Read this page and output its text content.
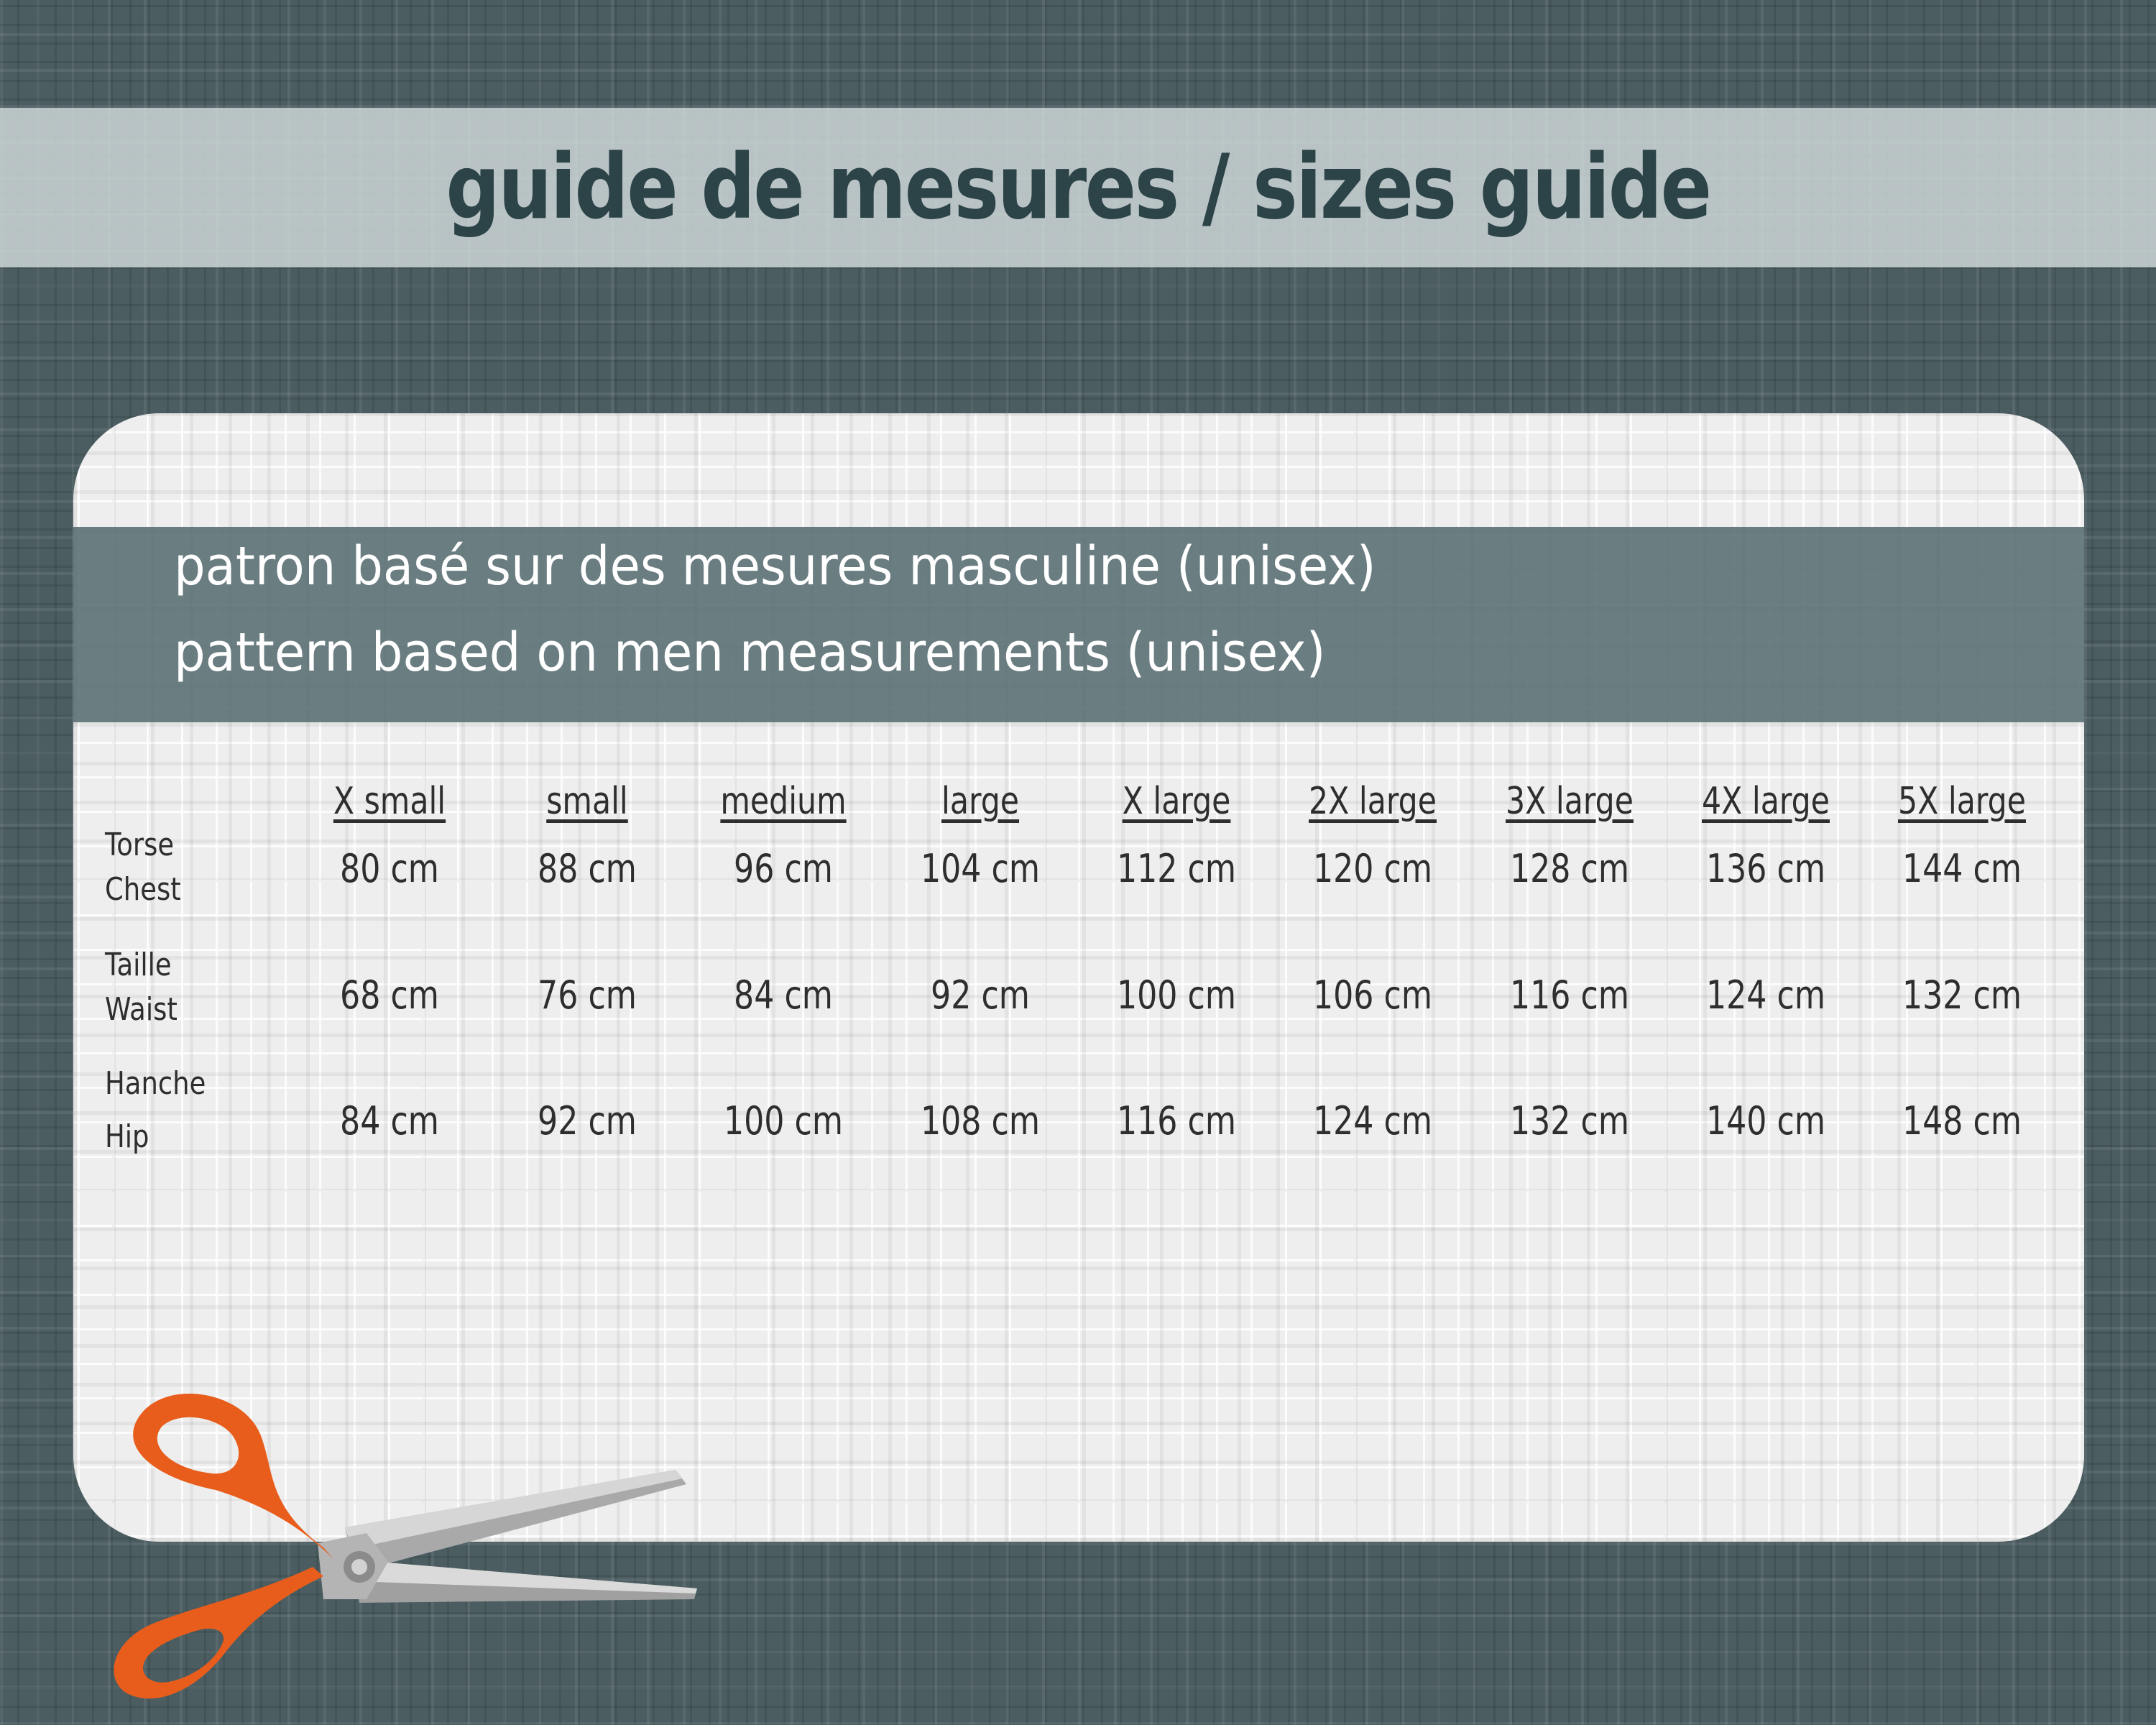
guide de mesures / sizes guide
patron basé sur des mesures masculine (unisex)
pattern based on men measurements (unisex)
X small	small	medium	large	X large	2X large	3X large	4X large	5X large
Torse
Chest	80 cm	88 cm	96 cm	104 cm	112 cm	120 cm	128 cm	136 cm	144 cm
Taille
Waist	68 cm	76 cm	84 cm	92 cm	100 cm	106 cm	116 cm	124 cm	132 cm
Hanche
Hip	84 cm	92 cm	100 cm	108 cm	116 cm	124 cm	132 cm	140 cm	148 cm
